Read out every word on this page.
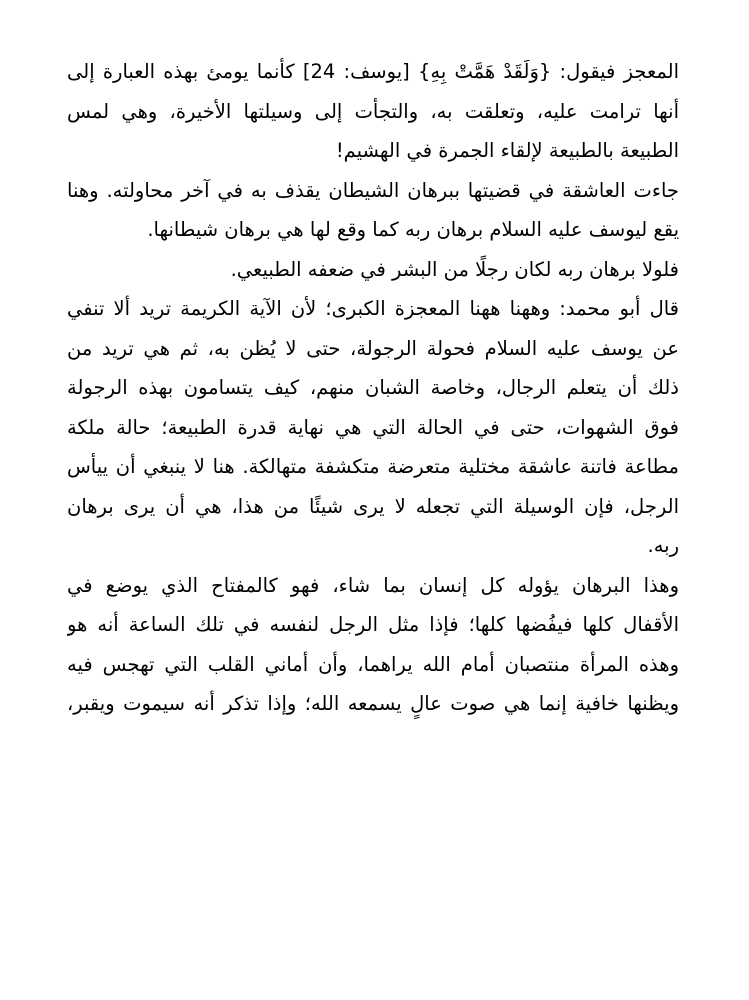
المعجز فيقول: {وَلَقَدْ هَمَّتْ بِهِ} [يوسف: 24] كأنما يومئ بهذه العبارة إلى
أنها ترامت عليه، وتعلقت به، والتجأت إلى وسيلتها الأخيرة، وهي لمس
الطبيعة بالطبيعة لإلقاء الجمرة في الهشيم!
جاءت العاشقة في قضيتها ببرهان الشيطان يقذف به في آخر محاولته. وهنا
يقع ليوسف عليه السلام برهان ربه كما وقع لها هي برهان شيطانها.
فلولا برهان ربه لكان رجلًا من البشر في ضعفه الطبيعي.
قال أبو محمد: وههنا ههنا المعجزة الكبرى؛ لأن الآية الكريمة تريد ألا تنفي
عن يوسف عليه السلام فحولة الرجولة، حتى لا يُظن به، ثم هي تريد من
ذلك أن يتعلم الرجال، وخاصة الشبان منهم، كيف يتسامون بهذه الرجولة
فوق الشهوات، حتى في الحالة التي هي نهاية قدرة الطبيعة؛ حالة ملكة
مطاعة فاتنة عاشقة مختلية متعرضة متكشفة متهالكة. هنا لا ينبغي أن ييأس
الرجل، فإن الوسيلة التي تجعله لا يرى شيئًا من هذا، هي أن يرى برهان
ربه.
وهذا البرهان يؤوله كل إنسان بما شاء، فهو كالمفتاح الذي يوضع في
الأقفال كلها فيفُضها كلها؛ فإذا مثل الرجل لنفسه في تلك الساعة أنه هو
وهذه المرأة منتصبان أمام الله يراهما، وأن أماني القلب التي تهجس فيه
ويظنها خافية إنما هي صوت عالٍ يسمعه الله؛ وإذا تذكر أنه سيموت ويقبر،
